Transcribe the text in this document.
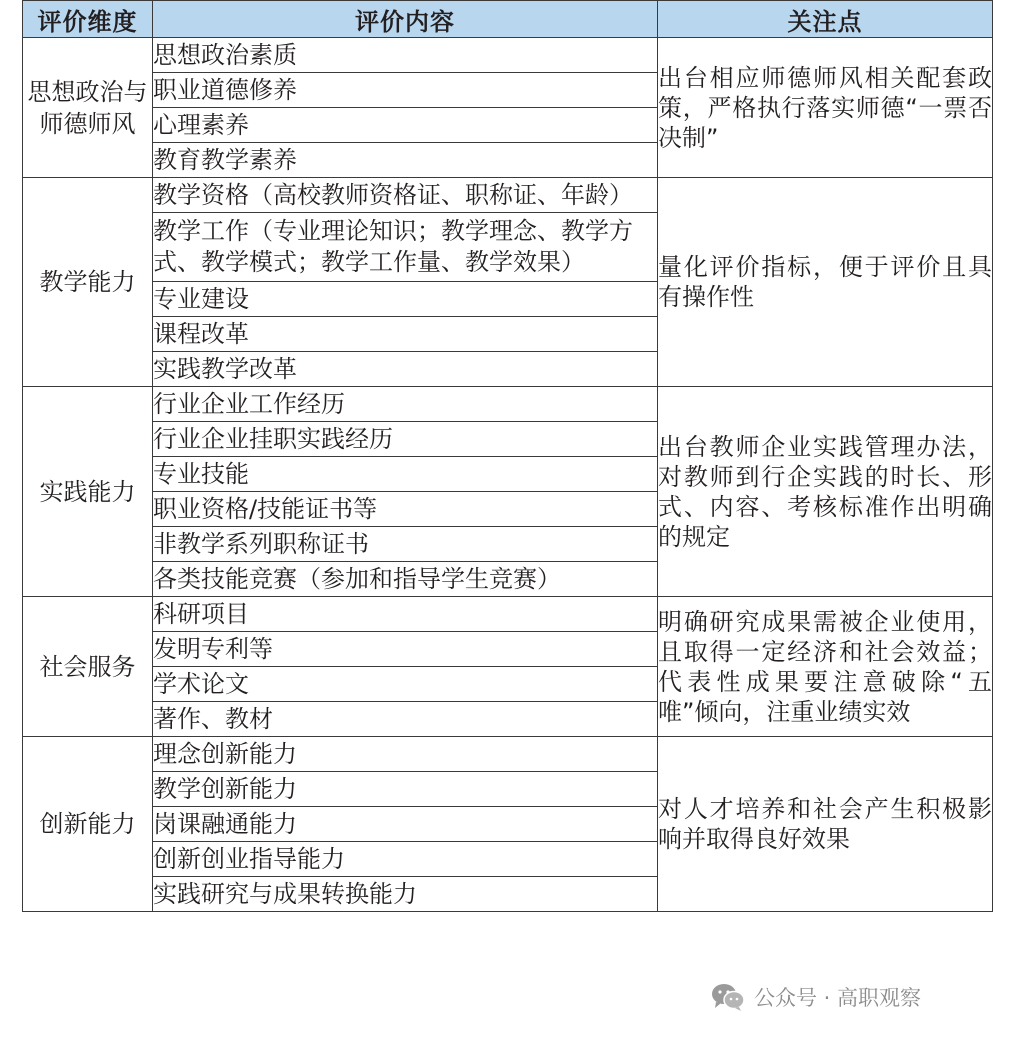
评价维度	评价内容	关注点
思想政治与师德师风	思想政治素质	出台相应师德师风相关配套政策，严格执行落实师德“一票否决制”
	职业道德修养	
	心理素养	
	教育教学素养	
教学能力	教学资格（高校教师资格证、职称证、年龄）	量化评价指标，便于评价且具有操作性
	教学工作（专业理论知识；教学理念、教学方式、教学模式；教学工作量、教学效果）	
	专业建设	
	课程改革	
	实践教学改革	
实践能力	行业企业工作经历	出台教师企业实践管理办法，对教师到行企实践的时长、形式、内容、考核标准作出明确的规定
	行业企业挂职实践经历	
	专业技能	
	职业资格/技能证书等	
	非教学系列职称证书	
	各类技能竞赛（参加和指导学生竞赛）	
社会服务	科研项目	明确研究成果需被企业使用，且取得一定经济和社会效益；代表性成果要注意破除“五唯”倾向，注重业绩实效
	发明专利等	
	学术论文	
	著作、教材	
创新能力	理念创新能力	对人才培养和社会产生积极影响并取得良好效果
	教学创新能力	
	岗课融通能力	
	创新创业指导能力	
	实践研究与成果转换能力	
公众号 · 高职观察
